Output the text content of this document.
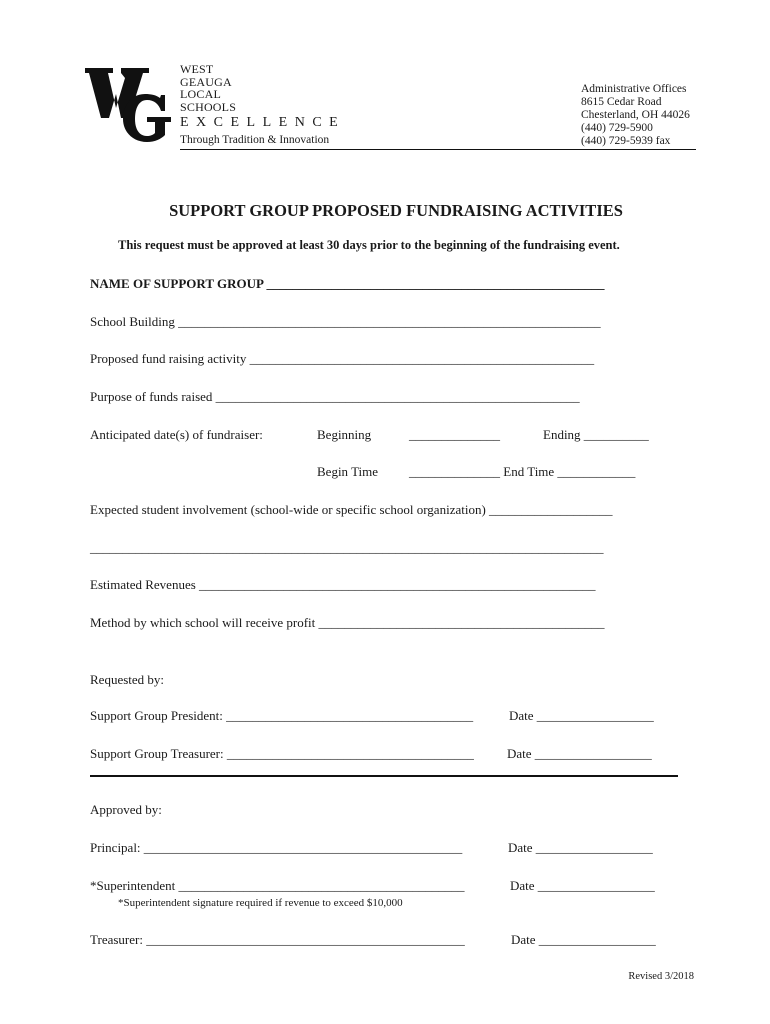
WEST
GEAUGA
LOCAL
SCHOOLS
EXCELLENCE
Through Tradition & Innovation
Administrative Offices
8615 Cedar Road
Chesterland, OH 44026
(440) 729-5900
(440) 729-5939 fax
SUPPORT GROUP PROPOSED FUNDRAISING ACTIVITIES
This request must be approved at least 30 days prior to the beginning of the fundraising event.
NAME OF SUPPORT GROUP ____________________________________________________
School Building _________________________________________________________________
Proposed fund raising activity _____________________________________________________
Purpose of funds raised ________________________________________________________
Anticipated date(s) of fundraiser:	Beginning	______________	Ending __________
Begin Time ______________ End Time ____________
Expected student involvement (school-wide or specific school organization) ___________________
_______________________________________________________________________________
Estimated Revenues _____________________________________________________________
Method by which school will receive profit ____________________________________________
Requested by:
Support Group President: ______________________________________	Date __________________
Support Group Treasurer: ______________________________________	Date __________________
Approved by:
Principal: _________________________________________________	Date __________________
*Superintendent ____________________________________________	Date __________________
*Superintendent signature required if revenue to exceed $10,000
Treasurer: _________________________________________________	Date __________________
Revised 3/2018
